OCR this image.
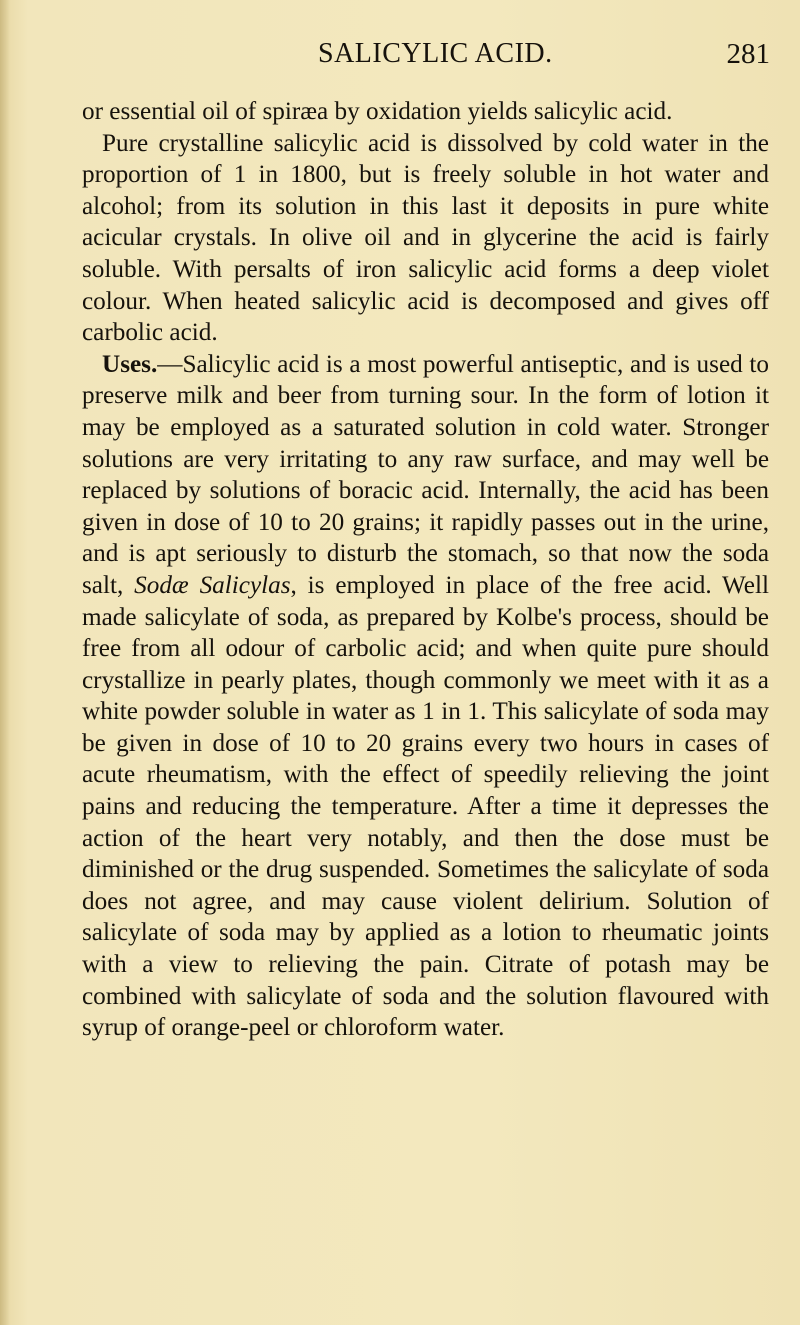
SALICYLIC ACID.	281

or essential oil of spiræa by oxidation yields salicylic acid.

Pure crystalline salicylic acid is dissolved by cold water in the proportion of 1 in 1800, but is freely soluble in hot water and alcohol; from its solution in this last it deposits in pure white acicular crystals. In olive oil and in glycerine the acid is fairly soluble. With persalts of iron salicylic acid forms a deep violet colour. When heated salicylic acid is decomposed and gives off carbolic acid.

Uses.—Salicylic acid is a most powerful antiseptic, and is used to preserve milk and beer from turning sour. In the form of lotion it may be employed as a saturated solution in cold water. Stronger solutions are very irritating to any raw surface, and may well be replaced by solutions of boracic acid. Internally, the acid has been given in dose of 10 to 20 grains; it rapidly passes out in the urine, and is apt seriously to disturb the stomach, so that now the soda salt, Sodæ Salicylas, is employed in place of the free acid. Well made salicylate of soda, as prepared by Kolbe's process, should be free from all odour of carbolic acid; and when quite pure should crystallize in pearly plates, though commonly we meet with it as a white powder soluble in water as 1 in 1. This salicylate of soda may be given in dose of 10 to 20 grains every two hours in cases of acute rheumatism, with the effect of speedily relieving the joint pains and reducing the temperature. After a time it depresses the action of the heart very notably, and then the dose must be diminished or the drug suspended. Sometimes the salicylate of soda does not agree, and may cause violent delirium. Solution of salicylate of soda may by applied as a lotion to rheumatic joints with a view to relieving the pain. Citrate of potash may be combined with salicylate of soda and the solution flavoured with syrup of orange-peel or chloroform water.
